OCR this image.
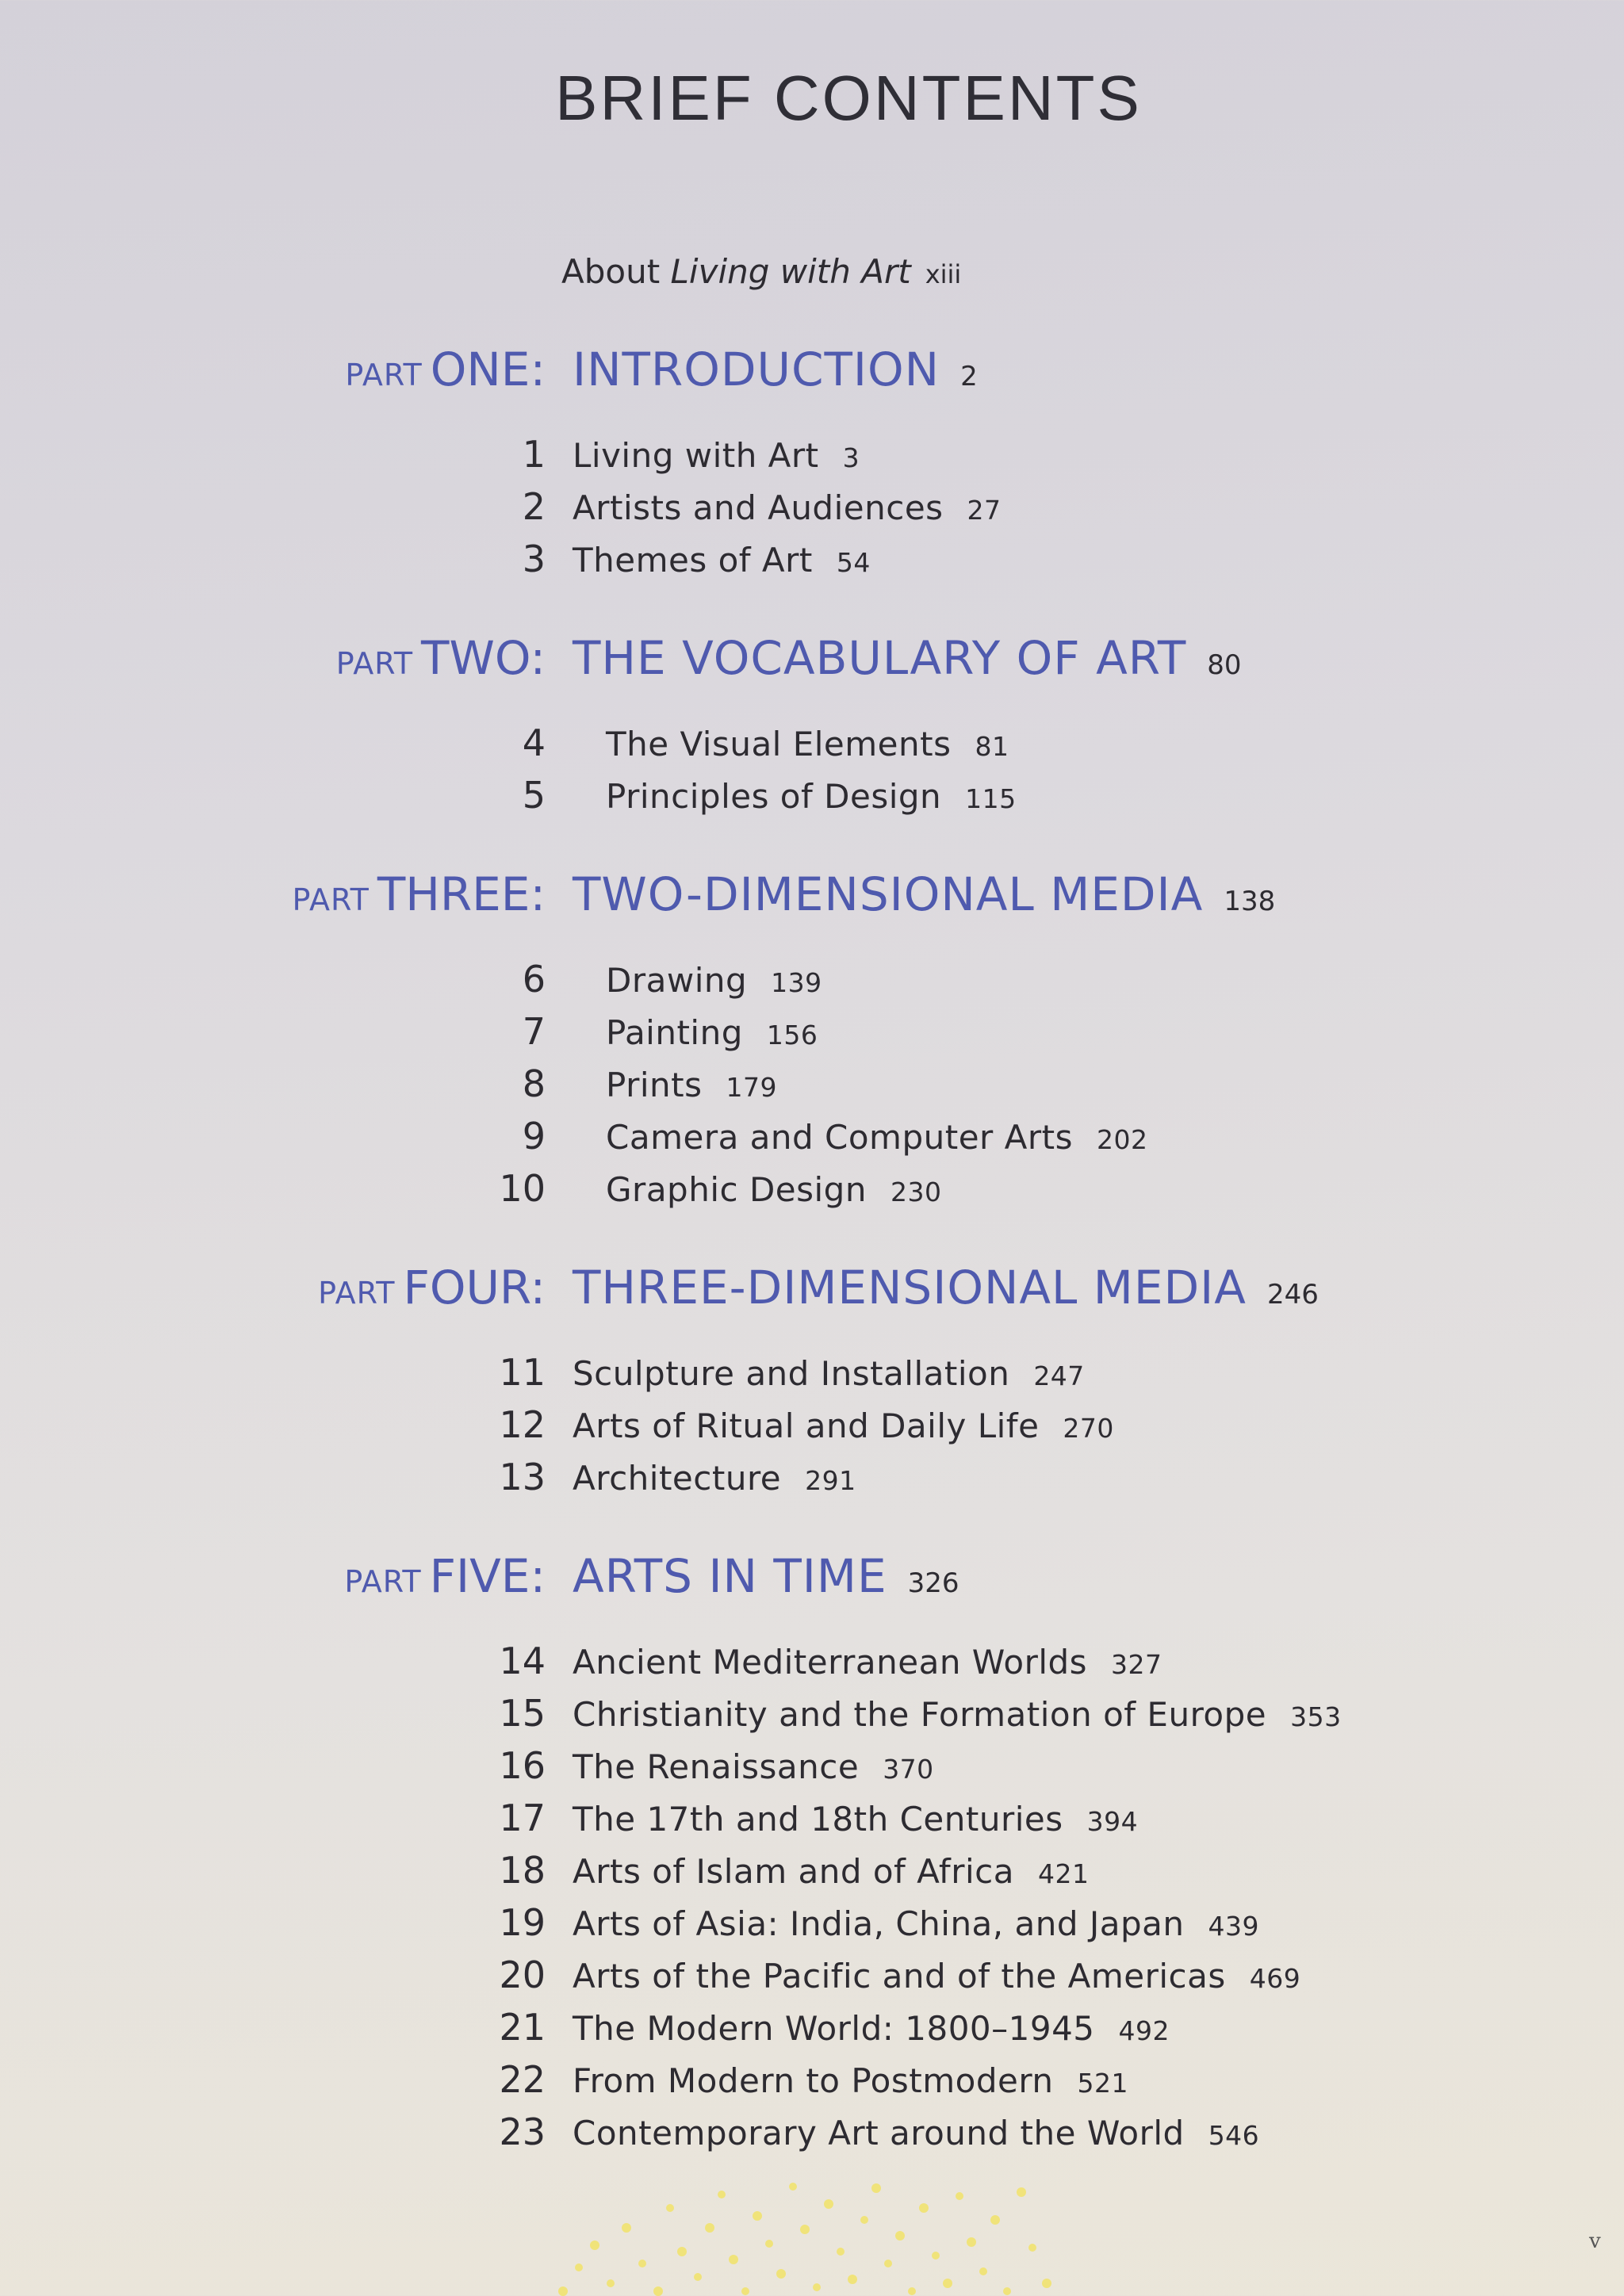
BRIEF CONTENTS
About Living with Art xiii
PART ONE: INTRODUCTION 2
1 Living with Art 3
2 Artists and Audiences 27
3 Themes of Art 54
PART TWO: THE VOCABULARY OF ART 80
4 The Visual Elements 81
5 Principles of Design 115
PART THREE: TWO-DIMENSIONAL MEDIA 138
6 Drawing 139
7 Painting 156
8 Prints 179
9 Camera and Computer Arts 202
10 Graphic Design 230
PART FOUR: THREE-DIMENSIONAL MEDIA 246
11 Sculpture and Installation 247
12 Arts of Ritual and Daily Life 270
13 Architecture 291
PART FIVE: ARTS IN TIME 326
14 Ancient Mediterranean Worlds 327
15 Christianity and the Formation of Europe 353
16 The Renaissance 370
17 The 17th and 18th Centuries 394
18 Arts of Islam and of Africa 421
19 Arts of Asia: India, China, and Japan 439
20 Arts of the Pacific and of the Americas 469
21 The Modern World: 1800–1945 492
22 From Modern to Postmodern 521
23 Contemporary Art around the World 546
v
